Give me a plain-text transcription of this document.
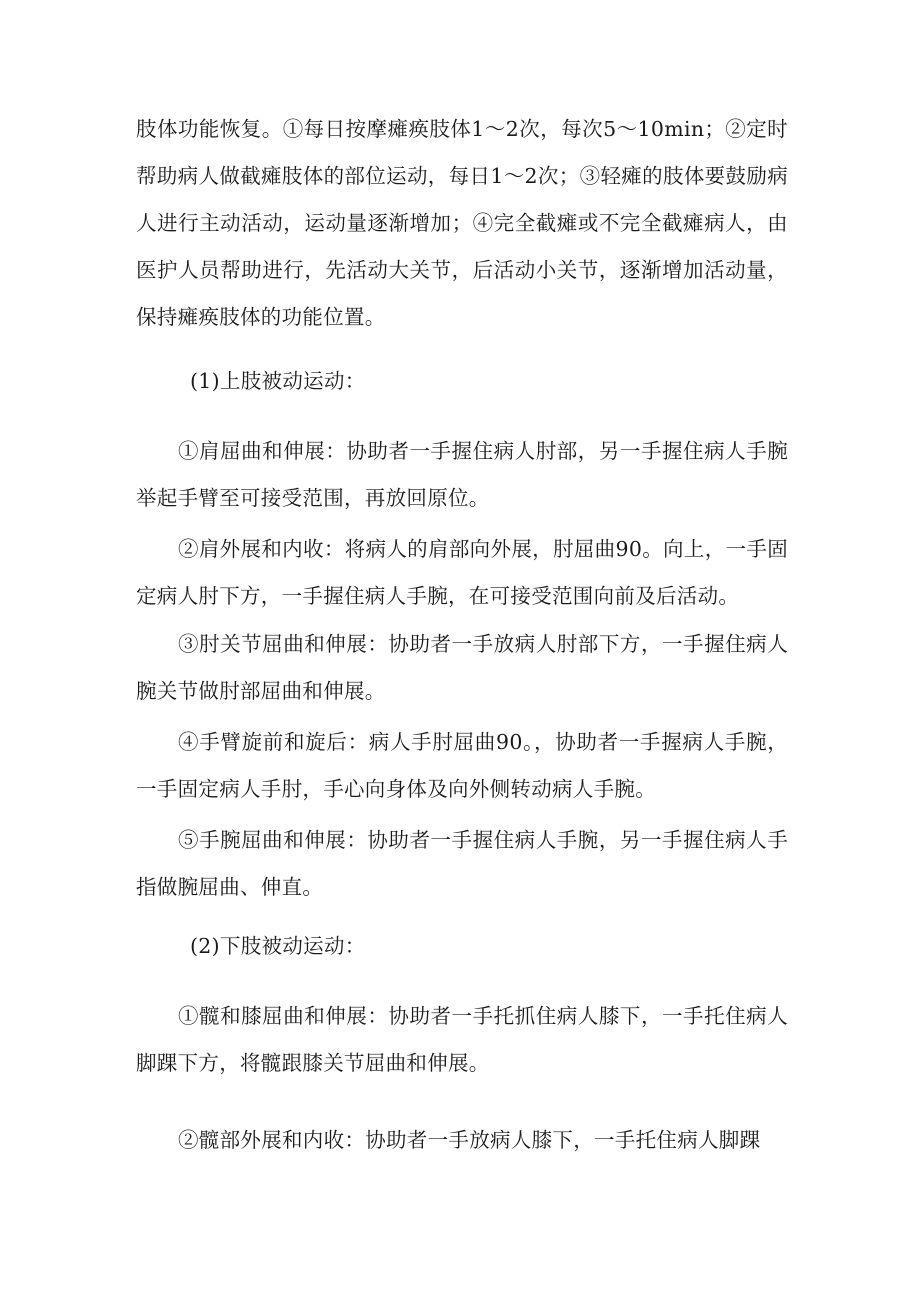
肢体功能恢复。①每日按摩瘫痪肢体1～2次，每次5～10min；②定时帮助病人做截瘫肢体的部位运动，每日1～2次；③轻瘫的肢体要鼓励病人进行主动活动，运动量逐渐增加；④完全截瘫或不完全截瘫病人，由医护人员帮助进行，先活动大关节，后活动小关节，逐渐增加活动量，保持瘫痪肢体的功能位置。

(1)上肢被动运动：

①肩屈曲和伸展：协助者一手握住病人肘部，另一手握住病人手腕举起手臂至可接受范围，再放回原位。

②肩外展和内收：将病人的肩部向外展，肘屈曲90。向上，一手固定病人肘下方，一手握住病人手腕，在可接受范围向前及后活动。

③肘关节屈曲和伸展：协助者一手放病人肘部下方，一手握住病人腕关节做肘部屈曲和伸展。

④手臂旋前和旋后：病人手肘屈曲90。，协助者一手握病人手腕，一手固定病人手肘，手心向身体及向外侧转动病人手腕。

⑤手腕屈曲和伸展：协助者一手握住病人手腕，另一手握住病人手指做腕屈曲、伸直。

(2)下肢被动运动：

①髋和膝屈曲和伸展：协助者一手托抓住病人膝下，一手托住病人脚踝下方，将髋跟膝关节屈曲和伸展。

②髋部外展和内收：协助者一手放病人膝下，一手托住病人脚踝
